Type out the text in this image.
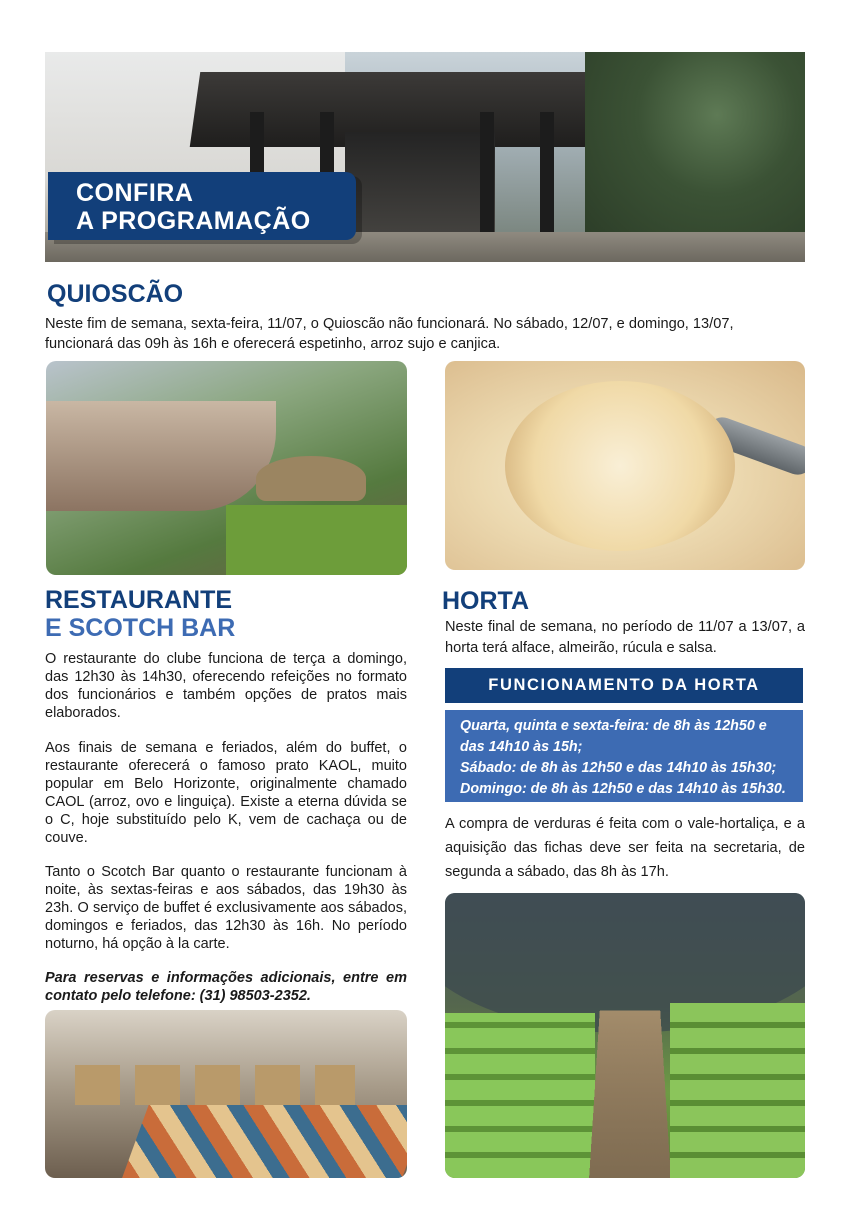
CONFIRA
A PROGRAMAÇÃO
QUIOSCÃO

Neste fim de semana, sexta-feira, 11/07, o Quioscão não funcionará. No sábado, 12/07, e domingo, 13/07, funcionará das 09h às 16h e oferecerá espetinho, arroz sujo e canjica.

RESTAURANTE
E SCOTCH BAR

O restaurante do clube funciona de terça a domingo, das 12h30 às 14h30, oferecendo refeições no formato dos funcionários e também opções de pratos mais elaborados.

Aos finais de semana e feriados, além do buffet, o restaurante oferecerá o famoso prato KAOL, muito popular em Belo Horizonte, originalmente chamado CAOL (arroz, ovo e linguiça). Existe a eterna dúvida se o C, hoje substituído pelo K, vem de cachaça ou de couve.

Tanto o Scotch Bar quanto o restaurante funcionam à noite, às sextas-feiras e aos sábados, das 19h30 às 23h. O serviço de buffet é exclusivamente aos sábados, domingos e feriados, das 12h30 às 16h. No período noturno, há opção à la carte.

Para reservas e informações adicionais, entre em contato pelo telefone: (31) 98503-2352.

HORTA

Neste final de semana, no período de 11/07 a 13/07, a horta terá alface, almeirão, rúcula e salsa.

FUNCIONAMENTO DA HORTA
Quarta, quinta e sexta-feira: de 8h às 12h50 e
das 14h10 às 15h;
Sábado: de 8h às 12h50 e das 14h10 às 15h30;
Domingo: de 8h às 12h50 e das 14h10 às 15h30.

A compra de verduras é feita com o vale-hortaliça, e a aquisição das fichas deve ser feita na secretaria, de segunda a sábado, das 8h às 17h.
